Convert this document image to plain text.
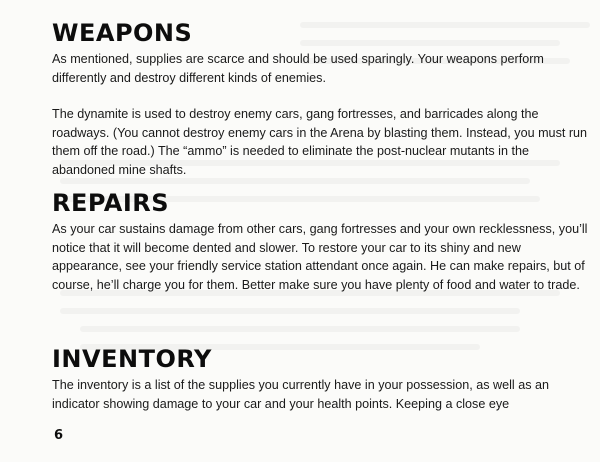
WEAPONS

As mentioned, supplies are scarce and should be used sparingly. Your weapons perform differently and destroy different kinds of enemies.

The dynamite is used to destroy enemy cars, gang fortresses, and barricades along the roadways. (You cannot destroy enemy cars in the Arena by blasting them. Instead, you must run them off the road.) The “ammo” is needed to eliminate the post-nuclear mutants in the abandoned mine shafts.

REPAIRS

As your car sustains damage from other cars, gang fortresses and your own recklessness, you’ll notice that it will become dented and slower. To restore your car to its shiny and new appearance, see your friendly service station attendant once again. He can make repairs, but of course, he’ll charge you for them. Better make sure you have plenty of food and water to trade.

INVENTORY

The inventory is a list of the supplies you currently have in your possession, as well as an indicator showing damage to your car and your health points. Keeping a close eye

6
